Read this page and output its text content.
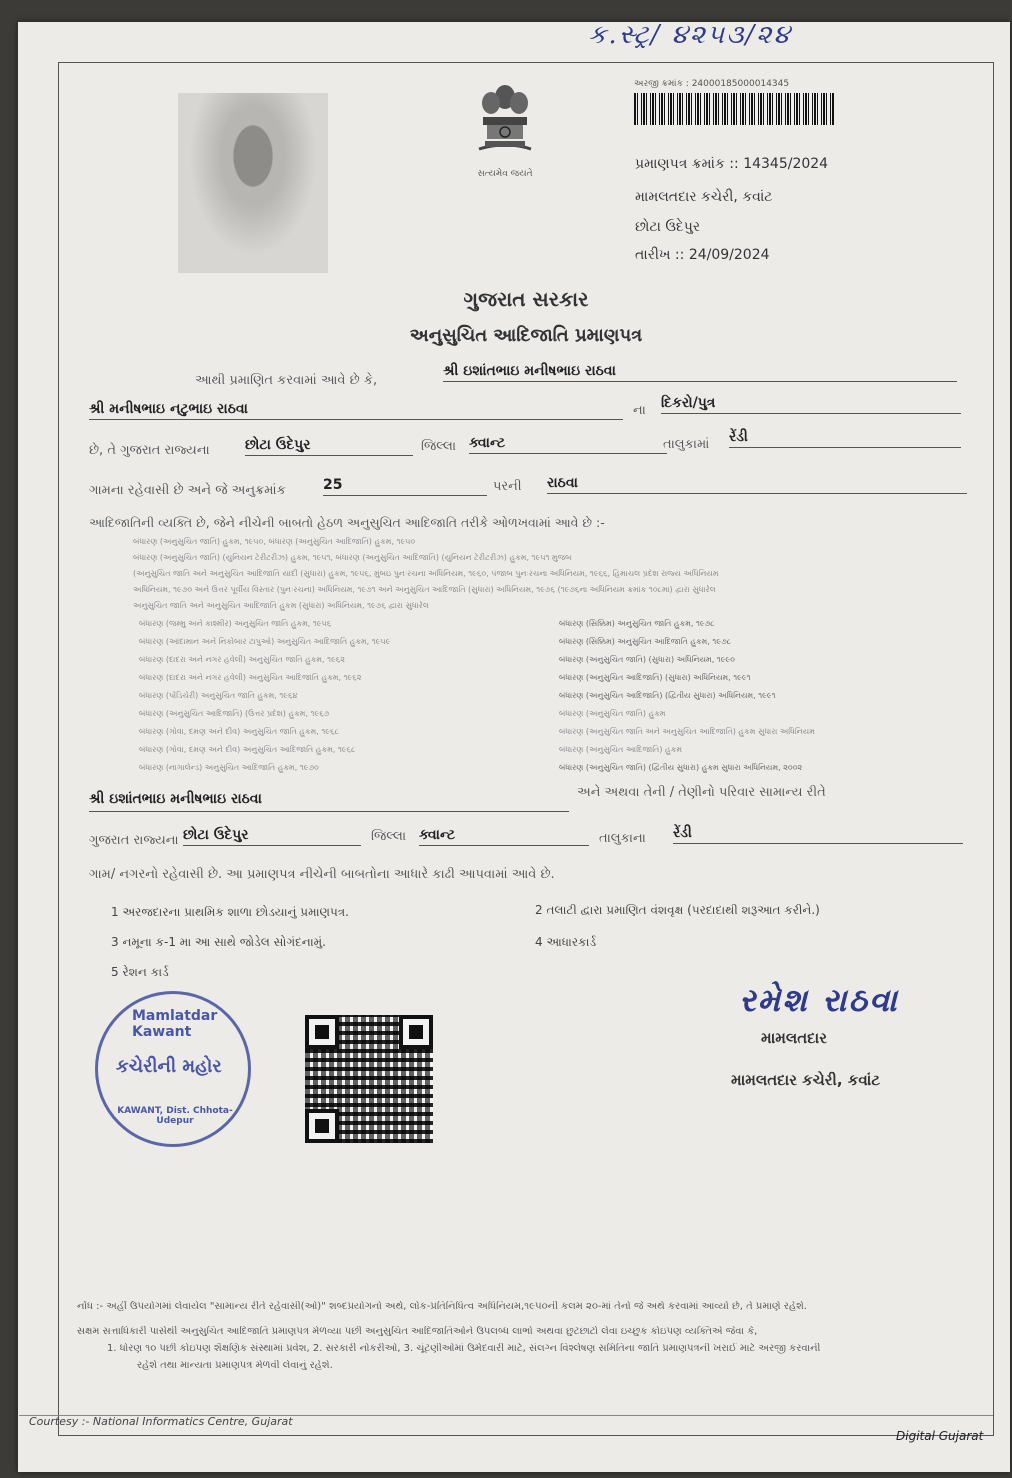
ક.સ્ટ્ર/ ૪૨૫૩/૨૪
સત્યમેવ જયતે
અરજી ક્રમાંક : 24000185000014345
પ્રમાણપત્ર ક્રમાંક :: 14345/2024
મામલતદાર કચેરી, કવાંટ
છોટા ઉદેપુર
તારીખ :: 24/09/2024
ગુજરાત સરકાર
અનુસુચિત આદિજાતિ પ્રમાણપત્ર
આથી પ્રમાણિત કરવામાં આવે છે કે,
શ્રી ઇશાંતભાઇ મનીષભાઇ રાઠવા
શ્રી મનીષભાઇ નટુભાઇ રાઠવા	ના દિકરો/પુત્ર
છે, તે ગુજરાત રાજ્યના	છોટા ઉદેપુર	જિલ્લા ક્વાન્ટ	તાલુકામાં રેંડી
ગામના રહેવાસી છે અને જે અનુક્રમાંક	25	પરની રાઠવા
આદિજાતિની વ્યક્તિ છે, જેને નીચેની બાબતો હેઠળ અનુસુચિત આદિજાતિ તરીકે ઓળખવામાં આવે છે :-
બંધારણ (અનુસુચિત જાતિ) હુકમ, ૧૯૫૦, બંધારણ (અનુસુચિત આદિજાતિ) હુકમ, ૧૯૫૦
બંધારણ (અનુસુચિત જાતિ) (યુનિયન ટેરીટરીઝ) હુકમ, ૧૯૫૧, બંધારણ (અનુસુચિત આદિજાતિ) (યુનિયન ટેરીટરીઝ) હુકમ, ૧૯૫૧ મુજબ
(અનુસુચિત જાતિ અને અનુસુચિત આદિજાતિ યાદી (સુધારા) હુકમ, ૧૯૫૬, મુંબઇ પુનઃરચના અધિનિયમ, ૧૯૬૦, પંજાબ પુનઃરચના અધિનિયમ, ૧૯૬૬, હિમાચલ પ્રદેશ રાજ્ય અધિનિયમ
અધિનિયમ, ૧૯૭૦ અને ઉત્તર પૂર્વીય વિસ્તાર (પુનઃરચના) અધિનિયમ, ૧૯૭૧ અને અનુસુચિત આદિજાતિ (સુધારા) અધિનિયમ, ૧૯૭૬ (૧૯૭૬ના અધિનિયમ ક્રમાંક ૧૦૮મા) દ્વારા સુધારેલ
અનુસુચિત જાતિ અને અનુસુચિત આદિજાતિ હુકમ (સુધારા) અધિનિયમ, ૧૯૭૬ દ્વારા સુધારેલ
બંધારણ (જમ્મુ અને કાશ્મીર) અનુસુચિત જાતિ હુકમ, ૧૯૫૬
બંધારણ (આંદામાન અને નિકોબાર ટાપુઓ) અનુસુચિત આદિજાતિ હુકમ, ૧૯૫૯
બંધારણ (દાદરા અને નગર હવેલી) અનુસુચિત જાતિ હુકમ, ૧૯૬૨
બંધારણ (દાદરા અને નગર હવેલી) અનુસુચિત આદિજાતિ હુકમ, ૧૯૬૨
બંધારણ (પોંડિચેરી) અનુસુચિત જાતિ હુકમ, ૧૯૬૪
બંધારણ (અનુસુચિત આદિજાતિ) (ઉત્તર પ્રદેશ) હુકમ, ૧૯૬૭
બંધારણ (ગોવા, દમણ અને દીવ) અનુસુચિત જાતિ હુકમ, ૧૯૬૮
બંધારણ (ગોવા, દમણ અને દીવ) અનુસુચિત આદિજાતિ હુકમ, ૧૯૬૮
બંધારણ (નાગાલેન્ડ) અનુસુચિત આદિજાતિ હુકમ, ૧૯૭૦
બંધારણ (સિક્કિમ) અનુસુચિત જાતિ હુકમ, ૧૯૭૮
બંધારણ (સિક્કિમ) અનુસુચિત આદિજાતિ હુકમ, ૧૯૭૮
બંધારણ (અનુસુચિત જાતિ) (સુધારા) અધિનિયમ, ૧૯૯૦
બંધારણ (અનુસુચિત આદિજાતિ) (સુધારા) અધિનિયમ, ૧૯૯૧
બંધારણ (અનુસુચિત આદિજાતિ) (દ્વિતીય સુધારા) અધિનિયમ, ૧૯૯૧
બંધારણ (અનુસુચિત જાતિ) હુકમ
બંધારણ (અનુસુચિત જાતિ અને અનુસુચિત આદિજાતિ) હુકમ સુધારા અધિનિયમ
બંધારણ (અનુસુચિત આદિજાતિ) હુકમ
બંધારણ (અનુસુચિત જાતિ) (દ્વિતીય સુધારા) હુકમ સુધારા અધિનિયમ, ૨૦૦૨
શ્રી ઇશાંતભાઇ મનીષભાઇ રાઠવા	અને અથવા તેની / તેણીનો પરિવાર સામાન્ય રીતે
ગુજરાત રાજ્યના છોટા ઉદેપુર	જિલ્લા ક્વાન્ટ	તાલુકાના રેંડી
ગામ/ નગરનો રહેવાસી છે. આ પ્રમાણપત્ર નીચેની બાબતોના આધારે કાઢી આપવામાં આવે છે.
1 અરજદારના પ્રાથમિક શાળા છોડયાનું પ્રમાણપત્ર.	2 તલાટી દ્વારા પ્રમાણિત વંશવૃક્ષ (પરદાદાથી શરૂઆત કરીને.)
3 નમૂના ક-1 મા આ સાથે જોડેલ સોગંદનામું.	4 આધારકાર્ડ
5 રેશન કાર્ડ
Mamlatdar Kawant
કચેરીની મહોર
KAWANT, Dist. Chhota-Udepur
રમેશ રાઠવા
મામલતદાર
મામલતદાર કચેરી, કવાંટ
નોંધ :- અહીં ઉપયોગમાં લેવાયેલ "સામાન્ય રીતે રહેવાસી(ઓ)" શબ્દપ્રયોગનો અર્થ, લોક-પ્રતિનિધિત્વ અધિનિયમ,૧૯૫૦ની કલમ ૨૦-માં તેનો જે અર્થ કરવામાં આવ્યો છે, તે પ્રમાણે રહેશે.
સક્ષમ સત્તાધિકારી પાસેથી અનુસુચિત આદિજાતિ પ્રમાણપત્ર મેળવ્યા પછી અનુસુચિત આદિજાતિઓને ઉપલબ્ધ લાભો અથવા છુટછાટો લેવા ઇચ્છુક કોઇપણ વ્યક્તિએ જેવા કે,
1. ધોરણ ૧૦ પછી કોઇપણ શૈક્ષણિક સંસ્થામાં પ્રવેશ, 2. સરકારી નોકરીઓ, 3. ચૂંટણીઓમાં ઉમેદવારી માટે, સંલગ્ન વિશ્લેષણ સમિતિના જાતિ પ્રમાણપત્રની ખરાઈ માટે અરજી કરવાની
રહેશે તથા માન્યતા પ્રમાણપત્ર મેળવી લેવાનું રહેશે.
Courtesy :- National Informatics Centre, Gujarat
Digital Gujarat
